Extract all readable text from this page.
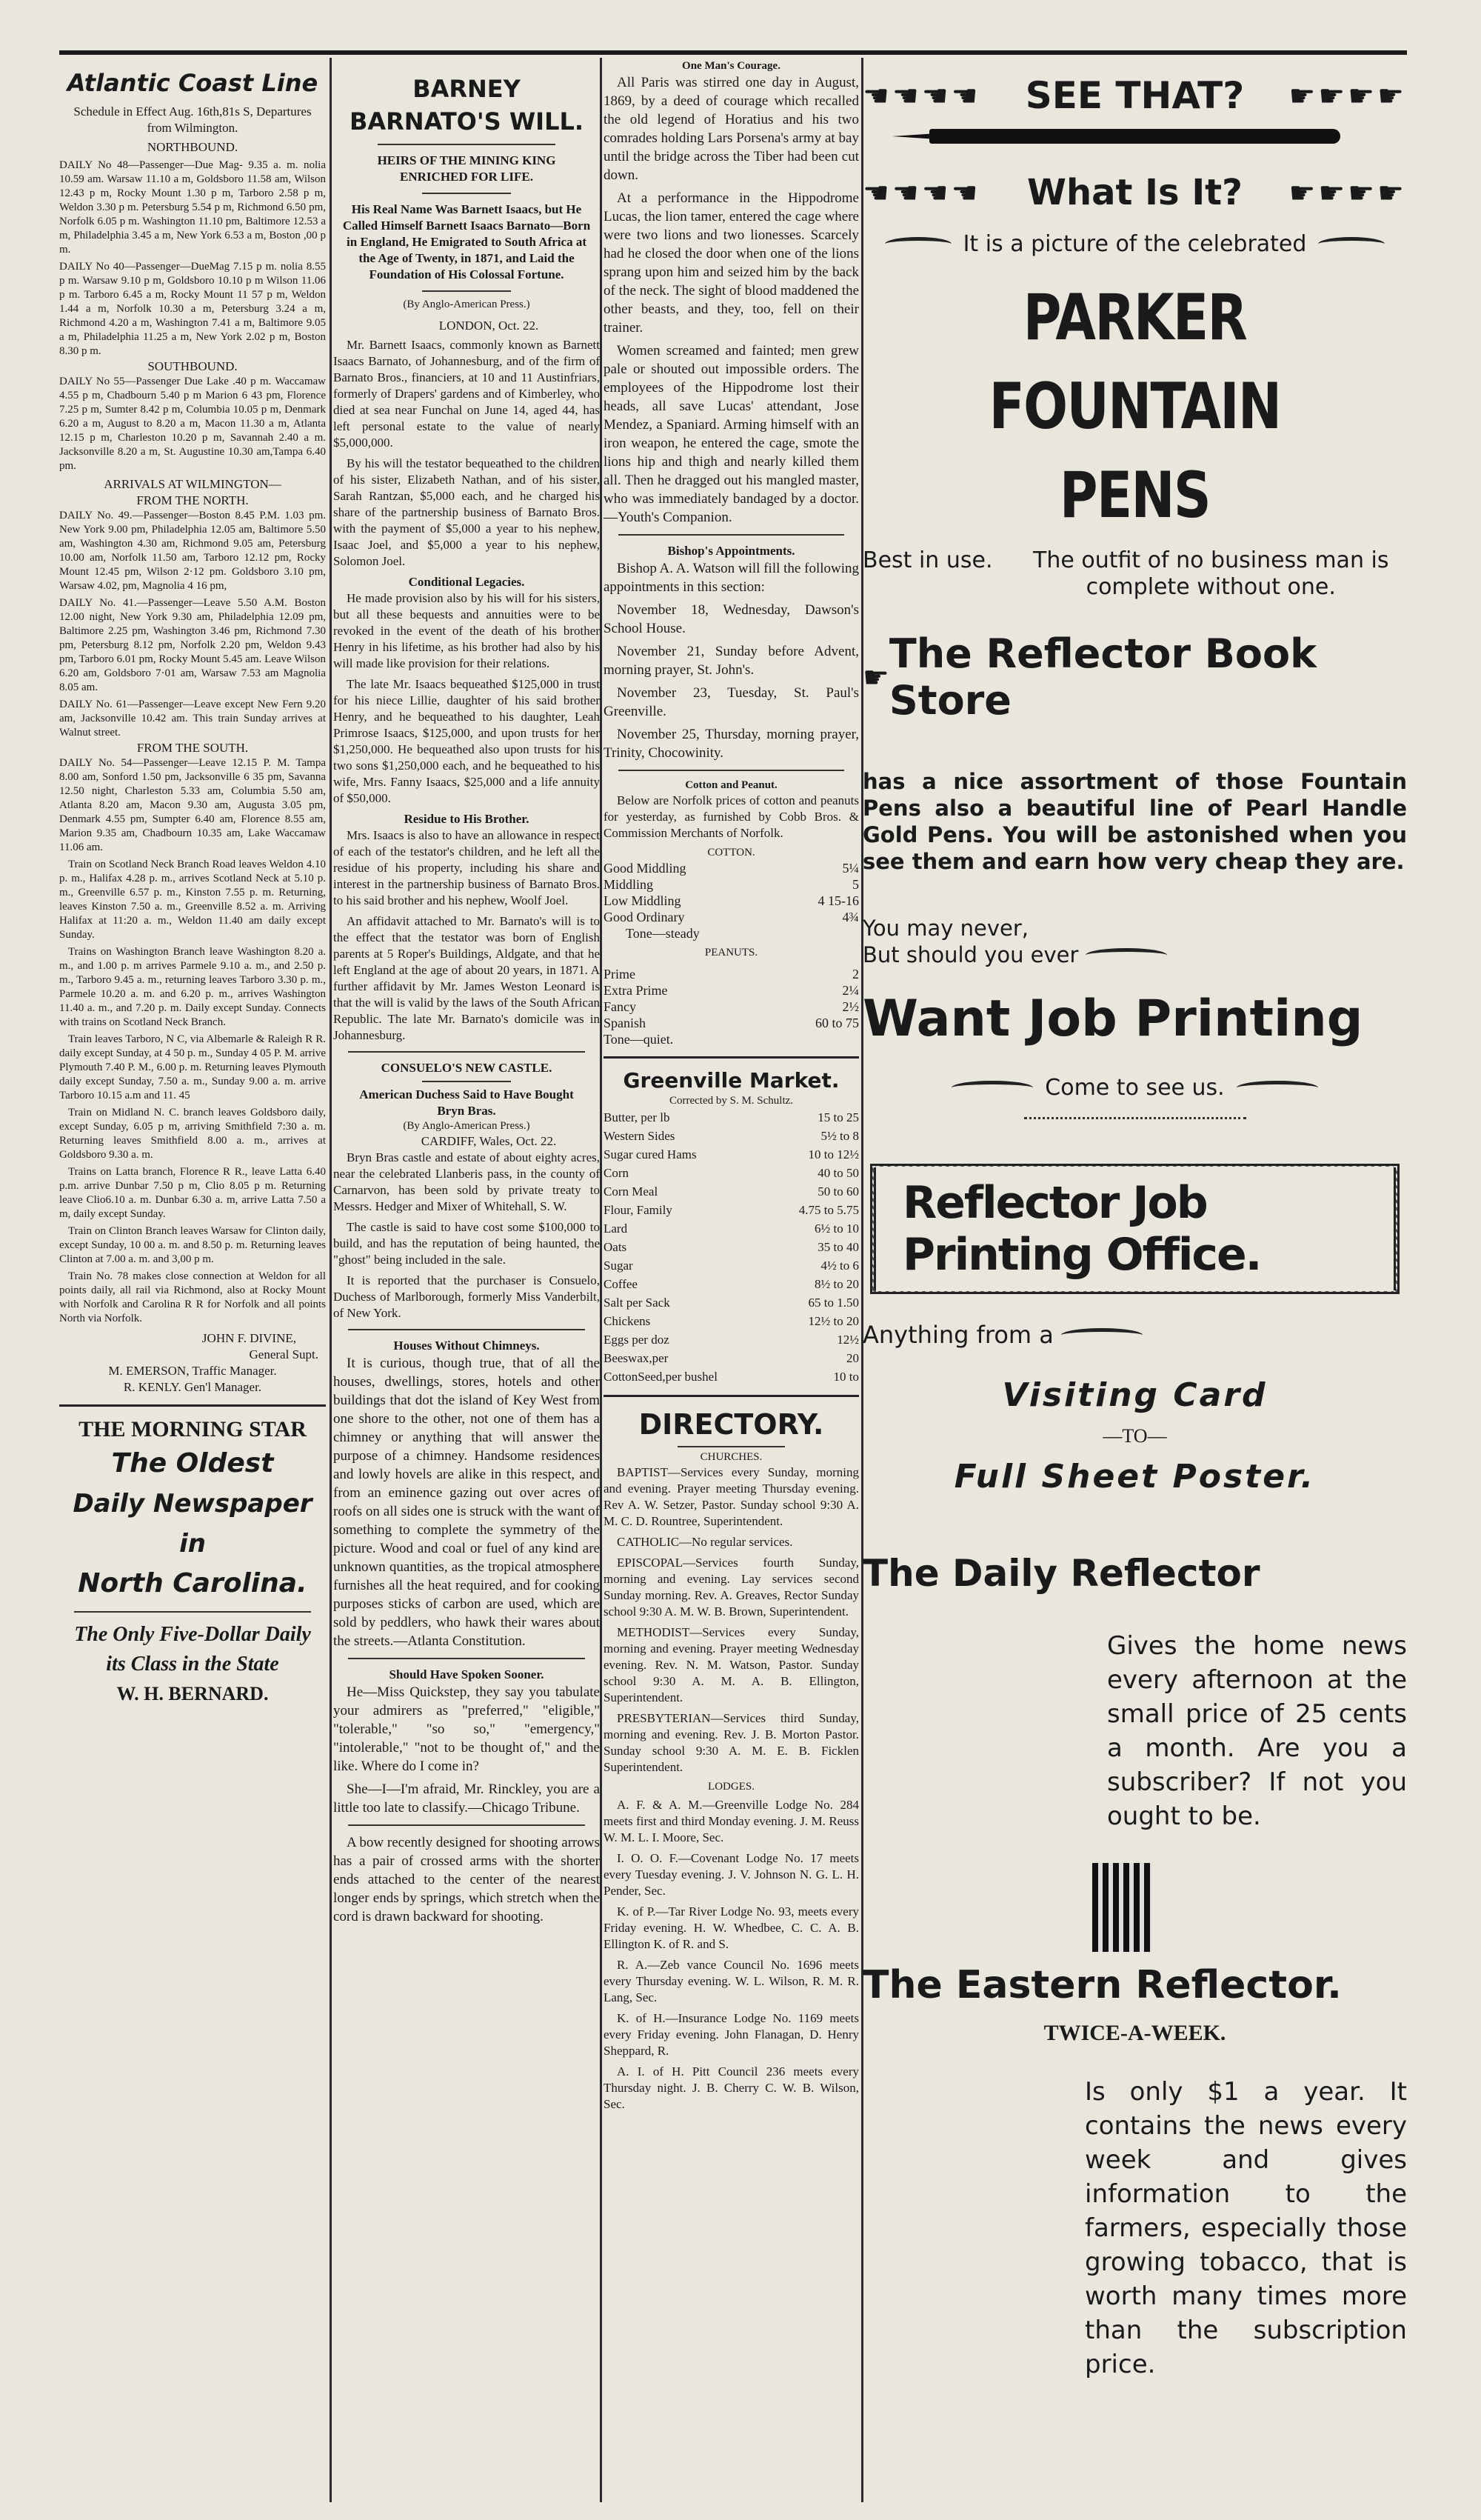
Atlantic Coast Line

Schedule in Effect Aug. 16th,81s S, Departures from Wilmington.

NORTHBOUND.

DAILY No 48—Passenger—Due Mag- 9.35 a. m. nolia 10.59 am. Warsaw 11.10 a m, Goldsboro 11.58 am, Wilson 12.43 p m, Rocky Mount 1.30 p m, Tarboro 2.58 p m, Weldon 3.30 p m. Petersburg 5.54 p m, Richmond 6.50 pm, Norfolk 6.05 p m. Washington 11.10 pm, Baltimore 12.53 a m, Philadelphia 3.45 a m, New York 6.53 a m, Boston ,00 p m.

DAILY No 40—Passenger—DueMag 7.15 p m. nolia 8.55 p m. Warsaw 9.10 p m, Goldsboro 10.10 p m Wilson 11.06 p m. Tarboro 6.45 a m, Rocky Mount 11 57 p m, Weldon 1.44 a m, Norfolk 10.30 a m, Petersburg 3.24 a m, Richmond 4.20 a m, Washington 7.41 a m, Baltimore 9.05 a m, Philadelphia 11.25 a m, New York 2.02 p m, Boston 8.30 p m.

SOUTHBOUND.

DAILY No 55—Passenger Due Lake .40 p m. Waccamaw 4.55 p m, Chadbourn 5.40 p m Marion 6 43 pm, Florence 7.25 p m, Sumter 8.42 p m, Columbia 10.05 p m, Denmark 6.20 a m, August to 8.20 a m, Macon 11.30 a m, Atlanta 12.15 p m, Charleston 10.20 p m, Savannah 2.40 a m. Jacksonville 8.20 a m, St. Augustine 10.30 am,Tampa 6.40 pm.

ARRIVALS AT WILMINGTON—

FROM THE NORTH.

DAILY No. 49.—Passenger—Boston 8.45 P.M. 1.03 pm. New York 9.00 pm, Philadelphia 12.05 am, Baltimore 5.50 am, Washington 4.30 am, Richmond 9.05 am, Petersburg 10.00 am, Norfolk 11.50 am, Tarboro 12.12 pm, Rocky Mount 12.45 pm, Wilson 2·12 pm. Goldsboro 3.10 pm, Warsaw 4.02, pm, Magnolia 4 16 pm,

DAILY No. 41.—Passenger—Leave 5.50 A.M. Boston 12.00 night, New York 9.30 am, Philadelphia 12.09 pm, Baltimore 2.25 pm, Washington 3.46 pm, Richmond 7.30 pm, Petersburg 8.12 pm, Norfolk 2.20 pm, Weldon 9.43 pm, Tarboro 6.01 pm, Rocky Mount 5.45 am. Leave Wilson 6.20 am, Goldsboro 7·01 am, Warsaw 7.53 am Magnolia 8.05 am.

DAILY No. 61—Passenger—Leave except New Fern 9.20 am, Jacksonville 10.42 am. This train Sunday arrives at Walnut street.

FROM THE SOUTH.

DAILY No. 54—Passenger—Leave 12.15 P. M. Tampa 8.00 am, Sonford 1.50 pm, Jacksonville 6 35 pm, Savanna 12.50 night, Charleston 5.33 am, Columbia 5.50 am, Atlanta 8.20 am, Macon 9.30 am, Augusta 3.05 pm, Denmark 4.55 pm, Sumpter 6.40 am, Florence 8.55 am, Marion 9.35 am, Chadbourn 10.35 am, Lake Waccamaw 11.06 am.

Train on Scotland Neck Branch Road leaves Weldon 4.10 p. m., Halifax 4.28 p. m., arrives Scotland Neck at 5.10 p. m., Greenville 6.57 p. m., Kinston 7.55 p. m. Returning, leaves Kinston 7.50 a. m., Greenville 8.52 a. m. Arriving Halifax at 11:20 a. m., Weldon 11.40 am daily except Sunday.

Trains on Washington Branch leave Washington 8.20 a. m., and 1.00 p. m arrives Parmele 9.10 a. m., and 2.50 p. m., Tarboro 9.45 a. m., returning leaves Tarboro 3.30 p. m., Parmele 10.20 a. m. and 6.20 p. m., arrives Washington 11.40 a. m., and 7.20 p. m. Daily except Sunday. Connects with trains on Scotland Neck Branch.

Train leaves Tarboro, N C, via Albemarle & Raleigh R R. daily except Sunday, at 4 50 p. m., Sunday 4 05 P. M. arrive Plymouth 7.40 P. M., 6.00 p. m. Returning leaves Plymouth daily except Sunday, 7.50 a. m., Sunday 9.00 a. m. arrive Tarboro 10.15 a.m and 11. 45

Train on Midland N. C. branch leaves Goldsboro daily, except Sunday, 6.05 p m, arriving Smithfield 7:30 a. m. Returning leaves Smithfield 8.00 a. m., arrives at Goldsboro 9.30 a. m.

Trains on Latta branch, Florence R R., leave Latta 6.40 p.m. arrive Dunbar 7.50 p m, Clio 8.05 p m. Returning leave Clio6.10 a. m. Dunbar 6.30 a. m, arrive Latta 7.50 a m, daily except Sunday.

Train on Clinton Branch leaves Warsaw for Clinton daily, except Sunday, 10 00 a. m. and 8.50 p. m. Returning leaves Clinton at 7.00 a. m. and 3,00 p m.

Train No. 78 makes close connection at Weldon for all points daily, all rail via Richmond, also at Rocky Mount with Norfolk and Carolina R R for Norfolk and all points North via Norfolk.

JOHN F. DIVINE,

General Supt.

M. EMERSON, Traffic Manager.

R. KENLY. Gen'l Manager.

THE MORNING STAR

The Oldest

Daily Newspaper in

North Carolina.

The Only Five-Dollar Daily

its Class in the State

W. H. BERNARD.

BARNEY BARNATO'S WILL.

HEIRS OF THE MINING KING ENRICHED FOR LIFE.

His Real Name Was Barnett Isaacs, but He Called Himself Barnett Isaacs Barnato—Born in England, He Emigrated to South Africa at the Age of Twenty, in 1871, and Laid the Foundation of His Colossal Fortune.

(By Anglo-American Press.)

LONDON, Oct. 22.

Mr. Barnett Isaacs, commonly known as Barnett Isaacs Barnato, of Johannesburg, and of the firm of Barnato Bros., financiers, at 10 and 11 Austinfriars, formerly of Drapers' gardens and of Kimberley, who died at sea near Funchal on June 14, aged 44, has left personal estate to the value of nearly $5,000,000.

By his will the testator bequeathed to the children of his sister, Elizabeth Nathan, and of his sister, Sarah Rantzan, $5,000 each, and he charged his share of the partnership business of Barnato Bros. with the payment of $5,000 a year to his nephew, Isaac Joel, and $5,000 a year to his nephew, Solomon Joel.

Conditional Legacies.

He made provision also by his will for his sisters, but all these bequests and annuities were to be revoked in the event of the death of his brother Henry in his lifetime, as his brother had also by his will made like provision for their relations.

The late Mr. Isaacs bequeathed $125,000 in trust for his niece Lillie, daughter of his said brother Henry, and he bequeathed to his daughter, Leah Primrose Isaacs, $125,000, and upon trusts for her $1,250,000. He bequeathed also upon trusts for his two sons $1,250,000 each, and he bequeathed to his wife, Mrs. Fanny Isaacs, $25,000 and a life annuity of $50,000.

Residue to His Brother.

Mrs. Isaacs is also to have an allowance in respect of each of the testator's children, and he left all the residue of his property, including his share and interest in the partnership business of Barnato Bros. to his said brother and his nephew, Woolf Joel.

An affidavit attached to Mr. Barnato's will is to the effect that the testator was born of English parents at 5 Roper's Buildings, Aldgate, and that he left England at the age of about 20 years, in 1871. A further affidavit by Mr. James Weston Leonard is that the will is valid by the laws of the South African Republic. The late Mr. Barnato's domicile was in Johannesburg.

CONSUELO'S NEW CASTLE.

American Duchess Said to Have Bought Bryn Bras.

(By Anglo-American Press.)

CARDIFF, Wales, Oct. 22.

Bryn Bras castle and estate of about eighty acres, near the celebrated Llanberis pass, in the county of Carnarvon, has been sold by private treaty to Messrs. Hedger and Mixer of Whitehall, S. W.

The castle is said to have cost some $100,000 to build, and has the reputation of being haunted, the "ghost" being included in the sale.

It is reported that the purchaser is Consuelo, Duchess of Marlborough, formerly Miss Vanderbilt, of New York.

Houses Without Chimneys.

It is curious, though true, that of all the houses, dwellings, stores, hotels and other buildings that dot the island of Key West from one shore to the other, not one of them has a chimney or anything that will answer the purpose of a chimney. Handsome residences and lowly hovels are alike in this respect, and from an eminence gazing out over acres of roofs on all sides one is struck with the want of something to complete the symmetry of the picture. Wood and coal or fuel of any kind are unknown quantities, as the tropical atmosphere furnishes all the heat required, and for cooking purposes sticks of carbon are used, which are sold by peddlers, who hawk their wares about the streets.—Atlanta Constitution.

Should Have Spoken Sooner.

He—Miss Quickstep, they say you tabulate your admirers as "preferred," "eligible," "tolerable," "so so," "emergency," "intolerable," "not to be thought of," and the like. Where do I come in?

She—I—I'm afraid, Mr. Rinckley, you are a little too late to classify.—Chicago Tribune.

A bow recently designed for shooting arrows has a pair of crossed arms with the shorter ends attached to the center of the nearest longer ends by springs, which stretch when the cord is drawn backward for shooting.

One Man's Courage.

All Paris was stirred one day in August, 1869, by a deed of courage which recalled the old legend of Horatius and his two comrades holding Lars Porsena's army at bay until the bridge across the Tiber had been cut down.

At a performance in the Hippodrome Lucas, the lion tamer, entered the cage where were two lions and two lionesses. Scarcely had he closed the door when one of the lions sprang upon him and seized him by the back of the neck. The sight of blood maddened the other beasts, and they, too, fell on their trainer.

Women screamed and fainted; men grew pale or shouted out impossible orders. The employees of the Hippodrome lost their heads, all save Lucas' attendant, Jose Mendez, a Spaniard. Arming himself with an iron weapon, he entered the cage, smote the lions hip and thigh and nearly killed them all. Then he dragged out his mangled master, who was immediately bandaged by a doctor.—Youth's Companion.

Bishop's Appointments.

Bishop A. A. Watson will fill the following appointments in this section:

November 18, Wednesday, Dawson's School House.

November 21, Sunday before Advent, morning prayer, St. John's.

November 23, Tuesday, St. Paul's Greenville.

November 25, Thursday, morning prayer, Trinity, Chocowinity.

Cotton and Peanut.

Below are Norfolk prices of cotton and peanuts for yesterday, as furnished by Cobb Bros. & Commission Merchants of Norfolk.

COTTON.

Good Middling	5¼
Middling	5
Low Middling	4 15-16
Good Ordinary	4¾
Tone—steady	

PEANUTS.

Prime	2
Extra Prime	2¼
Fancy	2½
Spanish	60 to 75
Tone—quiet.	

Greenville Market.

Corrected by S. M. Schultz.

Butter, per lb	15 to 25
Western Sides	5½ to 8
Sugar cured Hams	10 to 12½
Corn	40 to 50
Corn Meal	50 to 60
Flour, Family	4.75 to 5.75
Lard	6½ to 10
Oats	35 to 40
Sugar	4½ to 6
Coffee	8½ to 20
Salt per Sack	65 to 1.50
Chickens	12½ to 20
Eggs per doz	12½
Beeswax,per	20
CottonSeed,per bushel	10 to

DIRECTORY.

CHURCHES.

BAPTIST—Services every Sunday, morning and evening. Prayer meeting Thursday evening. Rev A. W. Setzer, Pastor. Sunday school 9:30 A. M. C. D. Rountree, Superintendent.

CATHOLIC—No regular services.

EPISCOPAL—Services fourth Sunday, morning and evening. Lay services second Sunday morning. Rev. A. Greaves, Rector Sunday school 9:30 A. M. W. B. Brown, Superintendent.

METHODIST—Services every Sunday, morning and evening. Prayer meeting Wednesday evening. Rev. N. M. Watson, Pastor. Sunday school 9:30 A. M. A. B. Ellington, Superintendent.

PRESBYTERIAN—Services third Sunday, morning and evening. Rev. J. B. Morton Pastor. Sunday school 9:30 A. M. E. B. Ficklen Superintendent.

LODGES.

A. F. & A. M.—Greenville Lodge No. 284 meets first and third Monday evening. J. M. Reuss W. M. L. I. Moore, Sec.

I. O. O. F.—Covenant Lodge No. 17 meets every Tuesday evening. J. V. Johnson N. G. L. H. Pender, Sec.

K. of P.—Tar River Lodge No. 93, meets every Friday evening. H. W. Whedbee, C. C. A. B. Ellington K. of R. and S.

R. A.—Zeb vance Council No. 1696 meets every Thursday evening. W. L. Wilson, R. M. R. Lang, Sec.

K. of H.—Insurance Lodge No. 1169 meets every Friday evening. John Flanagan, D. Henry Sheppard, R.

A. I. of H. Pitt Council 236 meets every Thursday night. J. B. Cherry C. W. B. Wilson, Sec.

☚☚☚☚ SEE THAT? ☛☛☛☛
☚☚☚☚ What Is It? ☛☛☛☛
It is a picture of the celebrated

PARKER FOUNTAIN PENS

Best in use.	The outfit of no business man is complete without one.
☛ The Reflector Book Store

has a nice assortment of those Fountain Pens also a beautiful line of Pearl Handle Gold Pens. You will be astonished when you see them and earn how very cheap they are.

You may never,

But should you ever

Want Job Printing

Come to see us.
Reflector Job Printing Office.
Anything from a

Visiting Card

—TO—

Full Sheet Poster.

The Daily Reflector

Gives the home news every afternoon at the small price of 25 cents a month. Are you a subscriber? If not you ought to be.

The Eastern Reflector.

TWICE-A-WEEK.

Is only $1 a year. It contains the news every week and gives information to the farmers, especially those growing tobacco, that is worth many times more than the subscription price.
